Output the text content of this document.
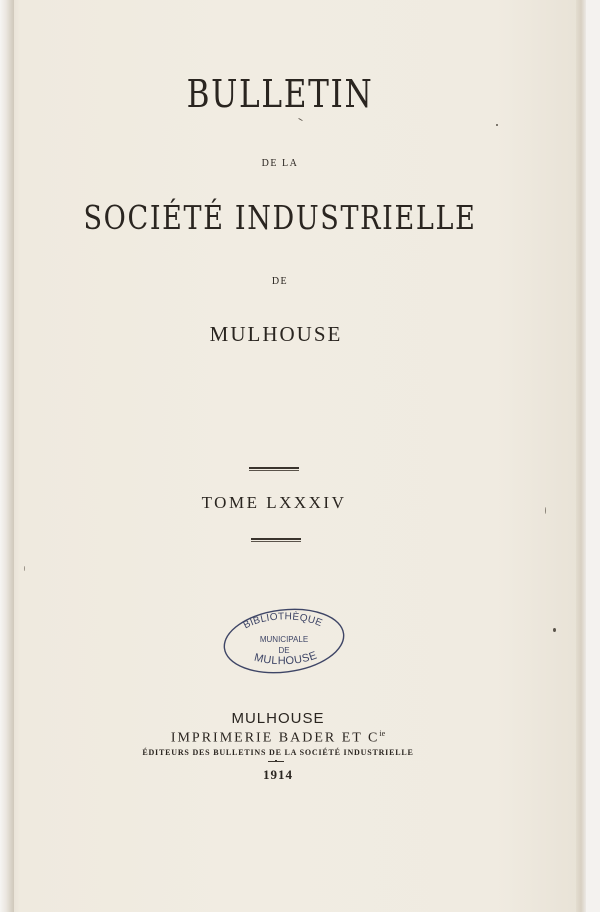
BULLETIN
DE LA
SOCIÉTÉ INDUSTRIELLE
DE
MULHOUSE
TOME LXXXIV
BIBLIOTHÈQUE
MUNICIPALE
DE
MULHOUSE
MULHOUSE
IMPRIMERIE BADER ET $C^{ie}$
ÉDITEURS DES BULLETINS DE LA SOCIÉTÉ INDUSTRIELLE
1914
